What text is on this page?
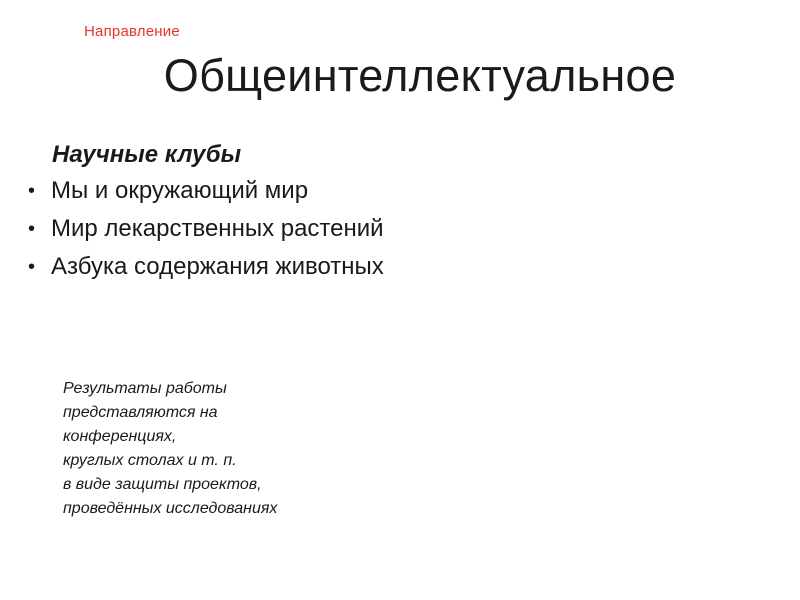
Направление
Общеинтеллектуальное
Научные клубы
• Мы и окружающий мир
• Мир лекарственных растений
• Азбука содержания животных
Результаты работы
представляются на
конференциях,
круглых столах и т. п.
в виде защиты проектов,
проведённых исследованиях
